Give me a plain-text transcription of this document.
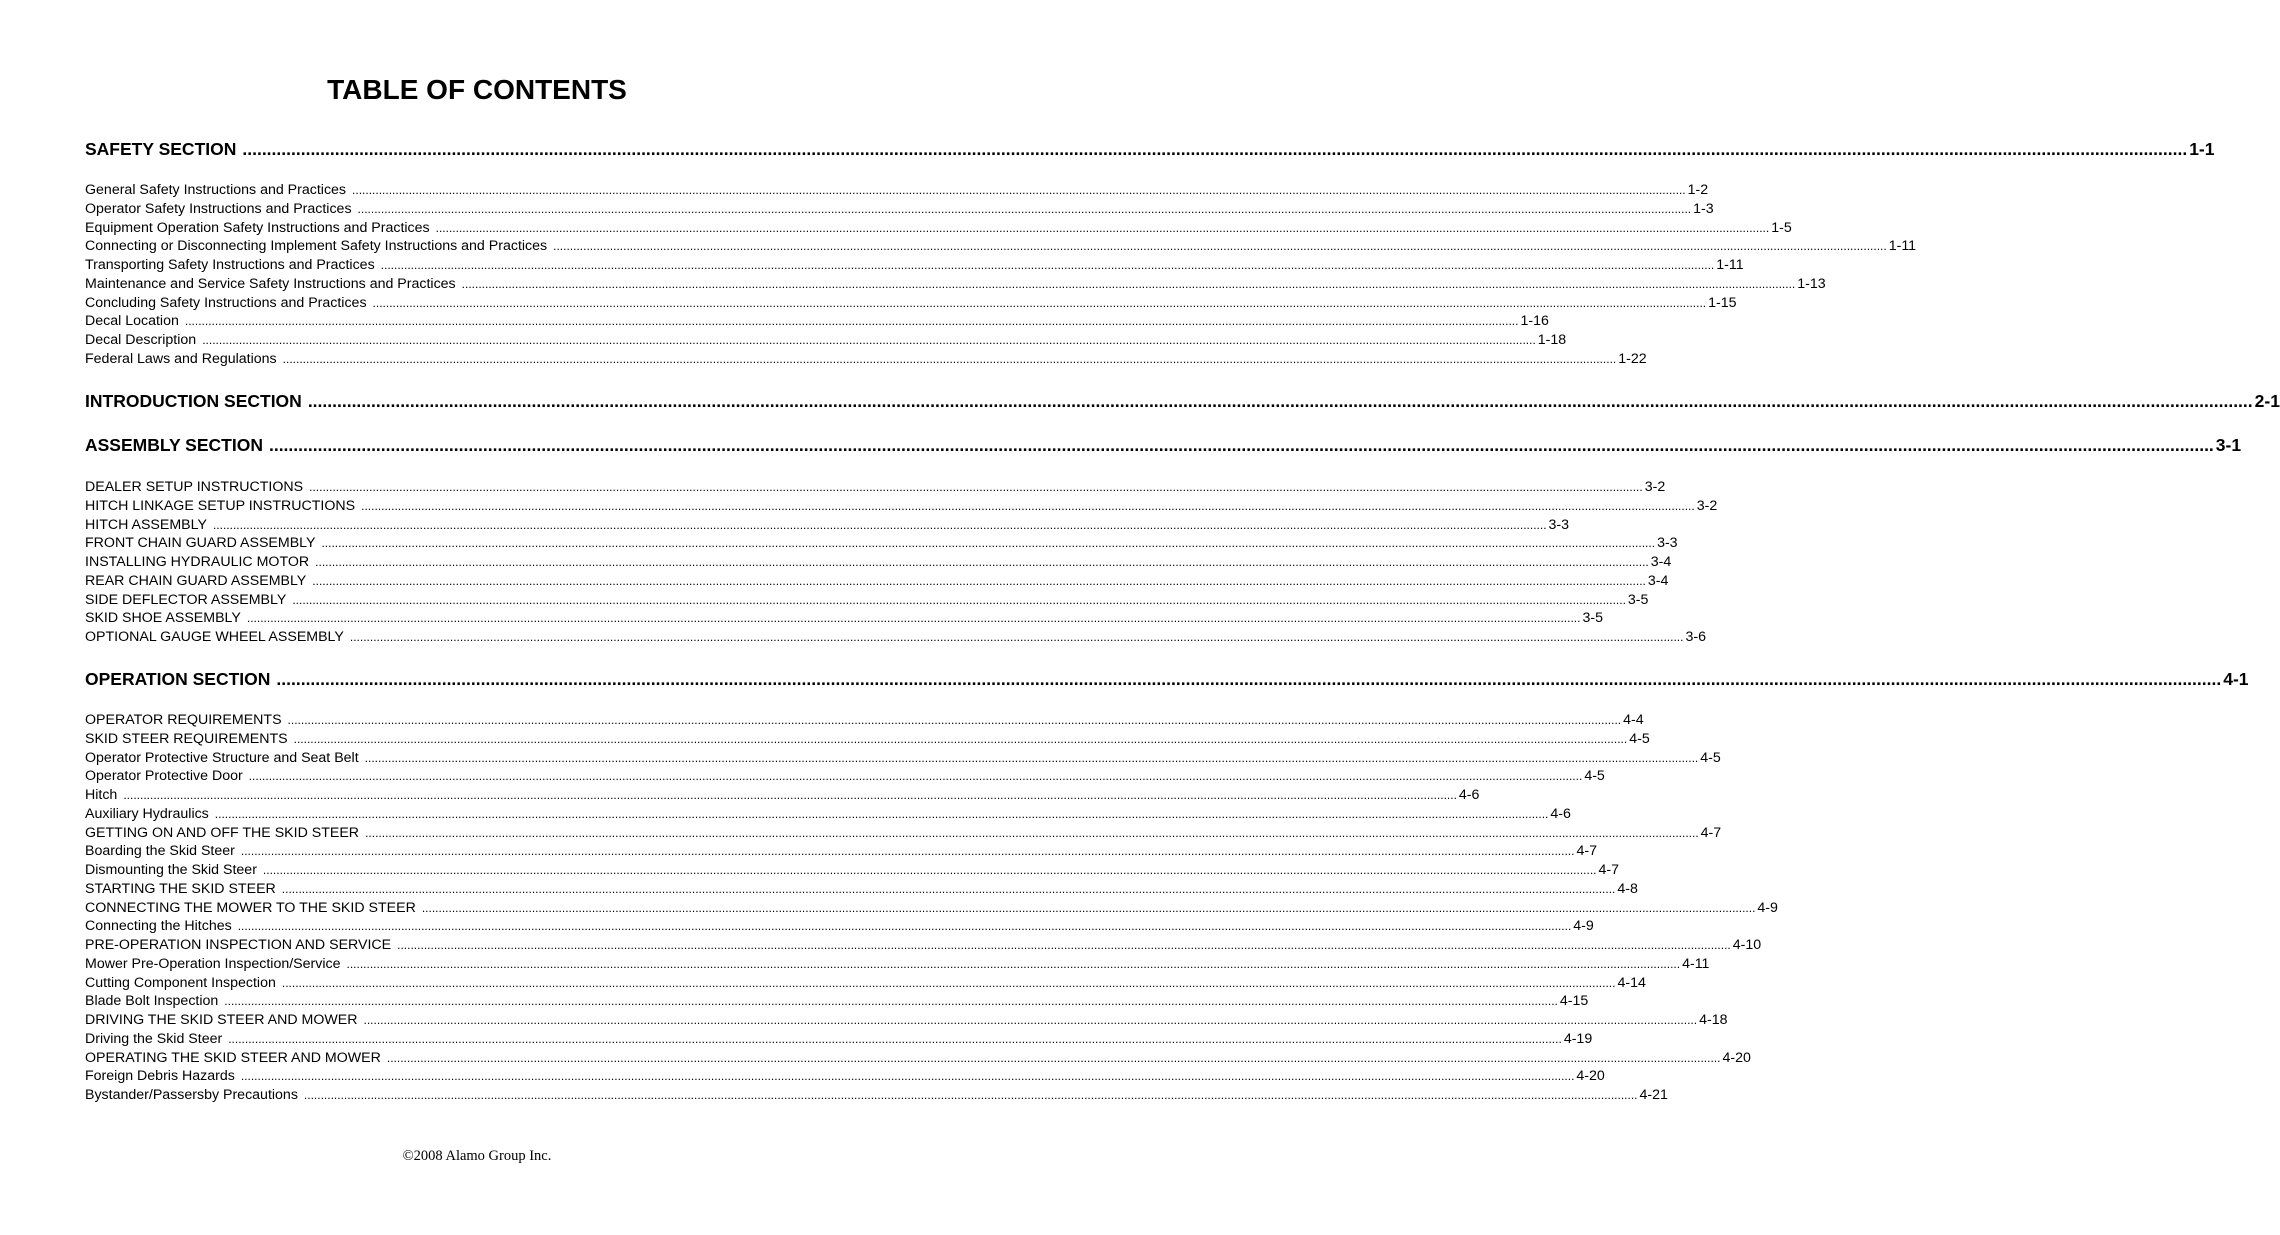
TABLE OF CONTENTS
SAFETY SECTION ................................................................................................................................................................................................................................................................................................................................................................................................................ 1-1
General Safety Instructions and Practices ................................................................................................................................................................................................................................................................................................................................................................................................................ 1-2
Operator Safety Instructions and Practices ................................................................................................................................................................................................................................................................................................................................................................................................................ 1-3
Equipment Operation Safety Instructions and Practices ................................................................................................................................................................................................................................................................................................................................................................................................................ 1-5
Connecting or Disconnecting Implement Safety Instructions and Practices ................................................................................................................................................................................................................................................................................................................................................................................................................ 1-11
Transporting Safety Instructions and Practices ................................................................................................................................................................................................................................................................................................................................................................................................................ 1-11
Maintenance and Service Safety Instructions and Practices ................................................................................................................................................................................................................................................................................................................................................................................................................ 1-13
Concluding Safety Instructions and Practices ................................................................................................................................................................................................................................................................................................................................................................................................................ 1-15
Decal Location ................................................................................................................................................................................................................................................................................................................................................................................................................ 1-16
Decal Description ................................................................................................................................................................................................................................................................................................................................................................................................................ 1-18
Federal Laws and Regulations ................................................................................................................................................................................................................................................................................................................................................................................................................ 1-22
INTRODUCTION SECTION ................................................................................................................................................................................................................................................................................................................................................................................................................ 2-1
ASSEMBLY SECTION ................................................................................................................................................................................................................................................................................................................................................................................................................ 3-1
DEALER SETUP INSTRUCTIONS ................................................................................................................................................................................................................................................................................................................................................................................................................ 3-2
HITCH LINKAGE SETUP INSTRUCTIONS ................................................................................................................................................................................................................................................................................................................................................................................................................ 3-2
HITCH ASSEMBLY ................................................................................................................................................................................................................................................................................................................................................................................................................ 3-3
FRONT CHAIN GUARD ASSEMBLY ................................................................................................................................................................................................................................................................................................................................................................................................................ 3-3
INSTALLING HYDRAULIC MOTOR ................................................................................................................................................................................................................................................................................................................................................................................................................ 3-4
REAR CHAIN GUARD ASSEMBLY ................................................................................................................................................................................................................................................................................................................................................................................................................ 3-4
SIDE DEFLECTOR ASSEMBLY ................................................................................................................................................................................................................................................................................................................................................................................................................ 3-5
SKID SHOE ASSEMBLY ................................................................................................................................................................................................................................................................................................................................................................................................................ 3-5
OPTIONAL GAUGE WHEEL ASSEMBLY ................................................................................................................................................................................................................................................................................................................................................................................................................ 3-6
OPERATION SECTION ................................................................................................................................................................................................................................................................................................................................................................................................................ 4-1
OPERATOR REQUIREMENTS ................................................................................................................................................................................................................................................................................................................................................................................................................ 4-4
SKID STEER REQUIREMENTS ................................................................................................................................................................................................................................................................................................................................................................................................................ 4-5
Operator Protective Structure and Seat Belt ................................................................................................................................................................................................................................................................................................................................................................................................................ 4-5
Operator Protective Door ................................................................................................................................................................................................................................................................................................................................................................................................................ 4-5
Hitch ................................................................................................................................................................................................................................................................................................................................................................................................................ 4-6
Auxiliary Hydraulics ................................................................................................................................................................................................................................................................................................................................................................................................................ 4-6
GETTING ON AND OFF THE SKID STEER ................................................................................................................................................................................................................................................................................................................................................................................................................ 4-7
Boarding the Skid Steer ................................................................................................................................................................................................................................................................................................................................................................................................................ 4-7
Dismounting the Skid Steer ................................................................................................................................................................................................................................................................................................................................................................................................................ 4-7
STARTING THE SKID STEER ................................................................................................................................................................................................................................................................................................................................................................................................................ 4-8
CONNECTING THE MOWER TO THE SKID STEER ................................................................................................................................................................................................................................................................................................................................................................................................................ 4-9
Connecting the Hitches ................................................................................................................................................................................................................................................................................................................................................................................................................ 4-9
PRE-OPERATION INSPECTION AND SERVICE ................................................................................................................................................................................................................................................................................................................................................................................................................ 4-10
Mower Pre-Operation Inspection/Service ................................................................................................................................................................................................................................................................................................................................................................................................................ 4-11
Cutting Component Inspection ................................................................................................................................................................................................................................................................................................................................................................................................................ 4-14
Blade Bolt Inspection ................................................................................................................................................................................................................................................................................................................................................................................................................ 4-15
DRIVING THE SKID STEER AND MOWER ................................................................................................................................................................................................................................................................................................................................................................................................................ 4-18
Driving the Skid Steer ................................................................................................................................................................................................................................................................................................................................................................................................................ 4-19
OPERATING THE SKID STEER AND MOWER ................................................................................................................................................................................................................................................................................................................................................................................................................ 4-20
Foreign Debris Hazards ................................................................................................................................................................................................................................................................................................................................................................................................................ 4-20
Bystander/Passersby Precautions ................................................................................................................................................................................................................................................................................................................................................................................................................ 4-21
©2008 Alamo Group Inc.
